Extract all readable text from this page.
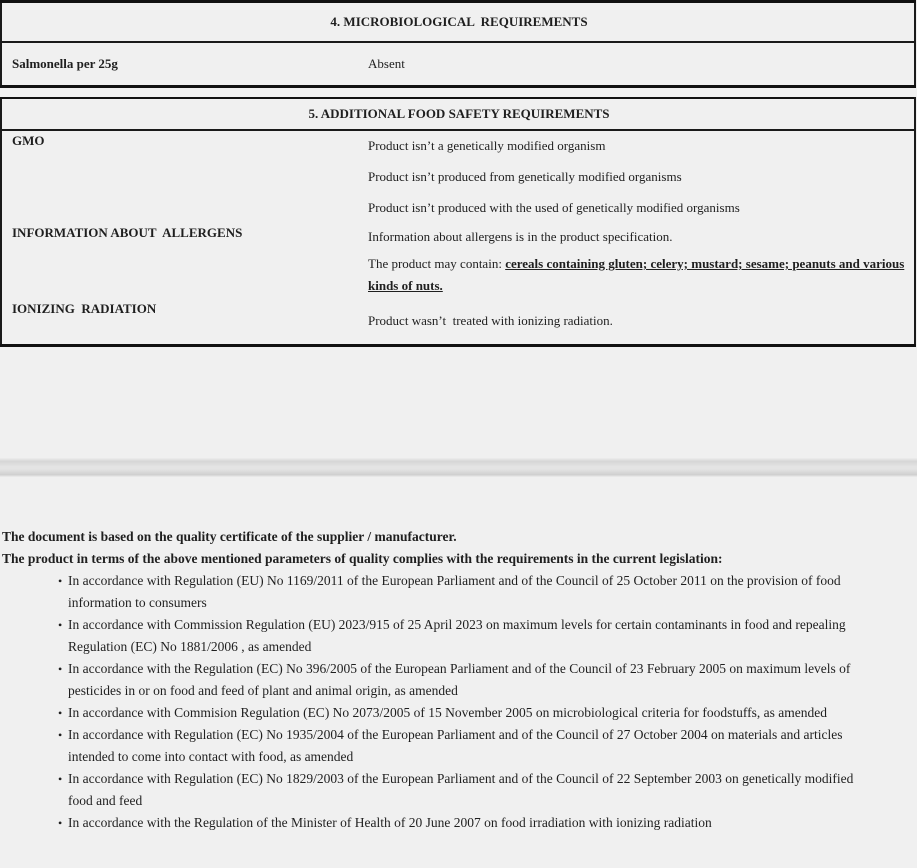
4. MICROBIOLOGICAL  REQUIREMENTS
Salmonella per 25g	Absent
5. ADDITIONAL FOOD SAFETY REQUIREMENTS	
GMO	Product isn’t a genetically modified organism
	Product isn’t produced from genetically modified organisms
	Product isn’t produced with the used of genetically modified organisms
INFORMATION ABOUT  ALLERGENS	Information about allergens is in the product specification.
	The product may contain: cereals containing gluten; celery; mustard; sesame; peanuts and various kinds of nuts.
IONIZING  RADIATION	Product wasn’t  treated with ionizing radiation.

The document is based on the quality certificate of the supplier / manufacturer.

The product in terms of the above mentioned parameters of quality complies with the requirements in the current legislation:

• In accordance with Regulation (EU) No 1169/2011 of the European Parliament and of the Council of 25 October 2011 on the provision of food information to consumers
• In accordance with Commission Regulation (EU) 2023/915 of 25 April 2023 on maximum levels for certain contaminants in food and repealing Regulation (EC) No 1881/2006 , as amended
• In accordance with the Regulation (EC) No 396/2005 of the European Parliament and of the Council of 23 February 2005 on maximum levels of pesticides in or on food and feed of plant and animal origin, as amended
• In accordance with Commision Regulation (EC) No 2073/2005 of 15 November 2005 on microbiological criteria for foodstuffs, as amended
• In accordance with Regulation (EC) No 1935/2004 of the European Parliament and of the Council of 27 October 2004 on materials and articles intended to come into contact with food, as amended
• In accordance with Regulation (EC) No 1829/2003 of the European Parliament and of the Council of 22 September 2003 on genetically modified food and feed
• In accordance with the Regulation of the Minister of Health of 20 June 2007 on food irradiation with ionizing radiation
